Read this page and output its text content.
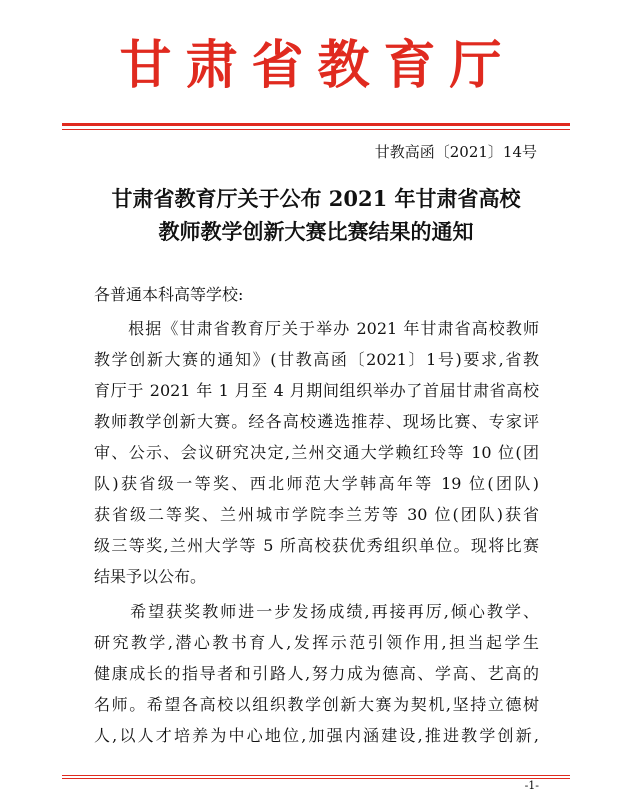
甘肃省教育厅
甘教高函〔2021〕14号
甘肃省教育厅关于公布 2021 年甘肃省高校
教师教学创新大赛比赛结果的通知
各普通本科高等学校:
　　根据《甘肃省教育厅关于举办 2021 年甘肃省高校教师
教学创新大赛的通知》(甘教高函〔2021〕1号)要求,省教
育厅于 2021 年 1 月至 4 月期间组织举办了首届甘肃省高校
教师教学创新大赛。经各高校遴选推荐、现场比赛、专家评
审、公示、会议研究决定,兰州交通大学赖红玲等 10 位(团
队)获省级一等奖、西北师范大学韩高年等 19 位(团队)
获省级二等奖、兰州城市学院李兰芳等 30 位(团队)获省
级三等奖,兰州大学等 5 所高校获优秀组织单位。现将比赛
结果予以公布。
　　希望获奖教师进一步发扬成绩,再接再厉,倾心教学、
研究教学,潜心教书育人,发挥示范引领作用,担当起学生
健康成长的指导者和引路人,努力成为德高、学高、艺高的
名师。希望各高校以组织教学创新大赛为契机,坚持立德树
人,以人才培养为中心地位,加强内涵建设,推进教学创新,
-1-
